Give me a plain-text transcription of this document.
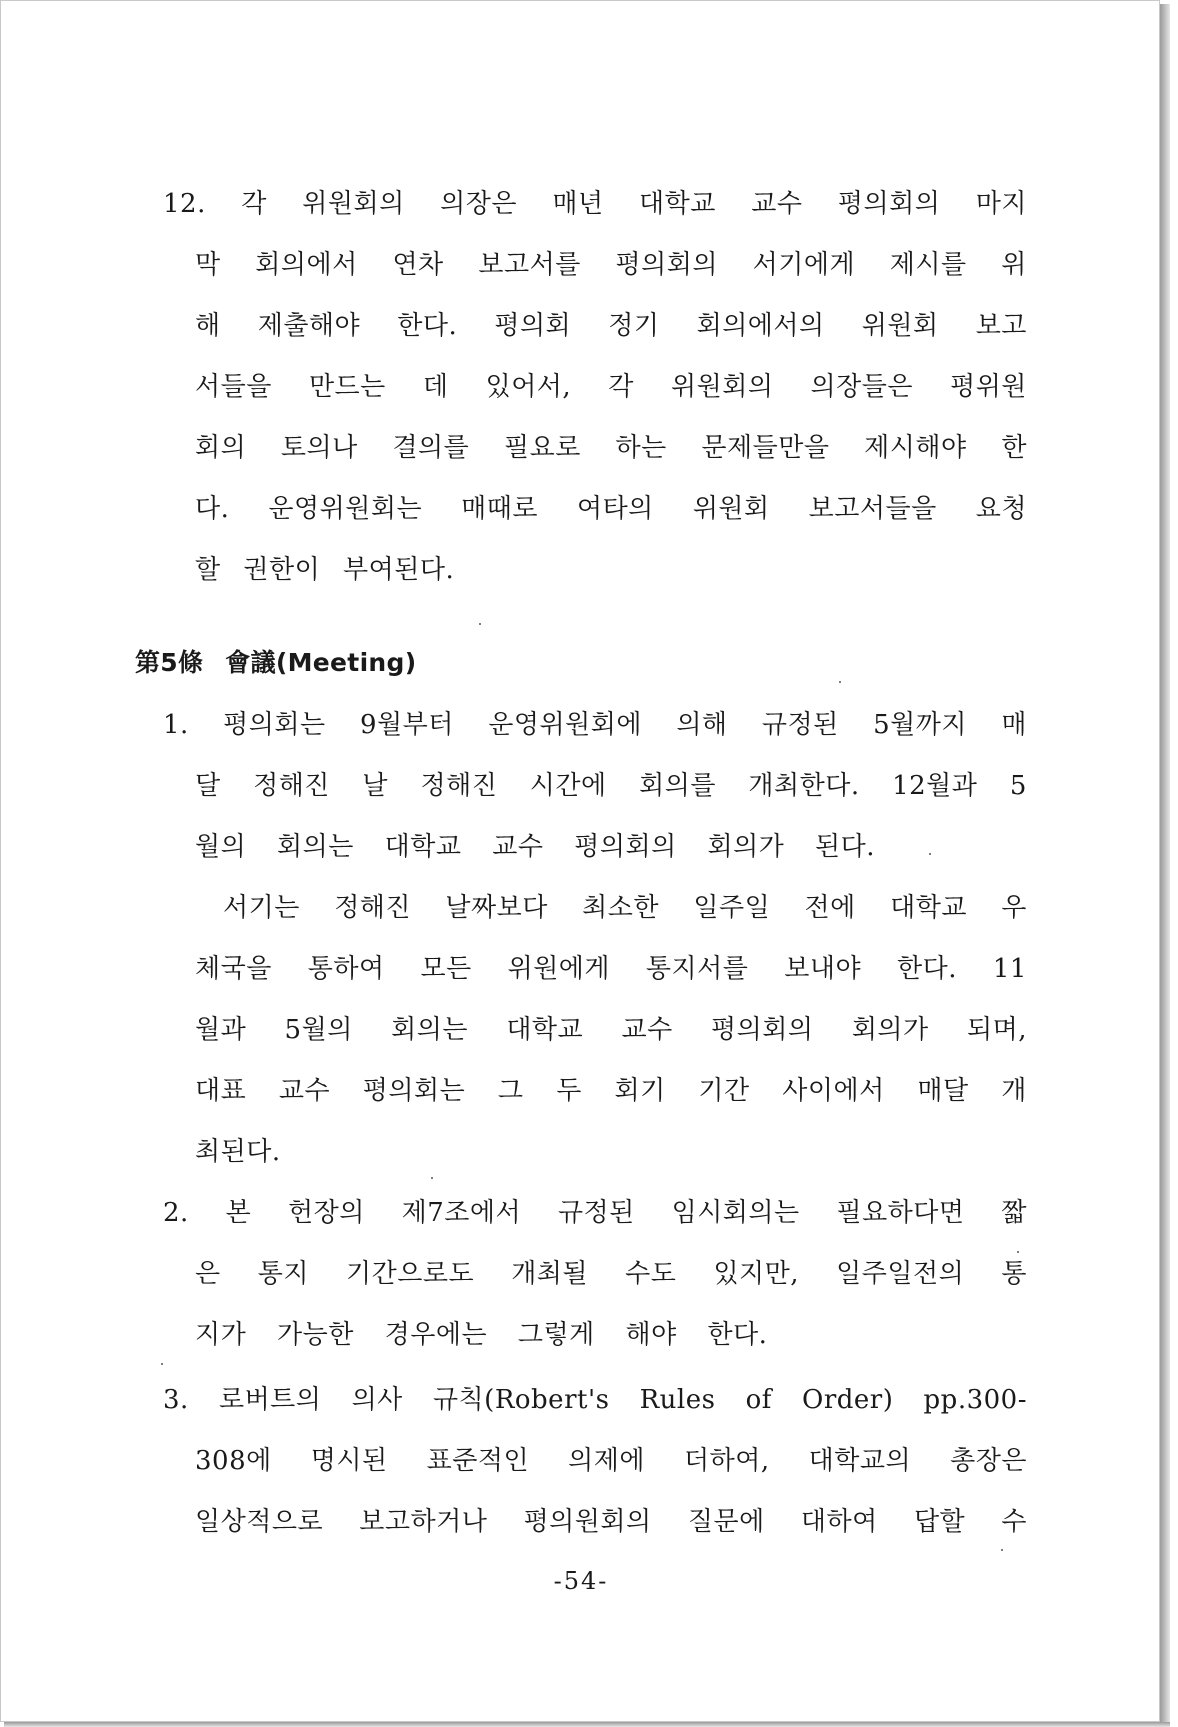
12. 각 위원회의 의장은 매년 대학교 교수 평의회의 마지
막 회의에서 연차 보고서를 평의회의 서기에게 제시를 위
해 제출해야 한다. 평의회 정기 회의에서의 위원회 보고
서들을 만드는 데 있어서, 각 위원회의 의장들은 평위원
회의 토의나 결의를 필요로 하는 문제들만을 제시해야 한
다. 운영위원회는 매때로 여타의 위원회 보고서들을 요청
할 권한이 부여된다.
第5條 會議(Meeting)
1. 평의회는 9월부터 운영위원회에 의해 규정된 5월까지 매
달 정해진 날 정해진 시간에 회의를 개최한다. 12월과 5
월의 회의는 대학교 교수 평의회의 회의가 된다.
서기는 정해진 날짜보다 최소한 일주일 전에 대학교 우
체국을 통하여 모든 위원에게 통지서를 보내야 한다. 11
월과 5월의 회의는 대학교 교수 평의회의 회의가 되며,
대표 교수 평의회는 그 두 회기 기간 사이에서 매달 개
최된다.
2. 본 헌장의 제7조에서 규정된 임시회의는 필요하다면 짧
은 통지 기간으로도 개최될 수도 있지만, 일주일전의 통
지가 가능한 경우에는 그렇게 해야 한다.
3. 로버트의 의사 규칙(Robert's Rules of Order) pp.300-
308에 명시된 표준적인 의제에 더하여, 대학교의 총장은
일상적으로 보고하거나 평의원회의 질문에 대하여 답할 수
-54-
